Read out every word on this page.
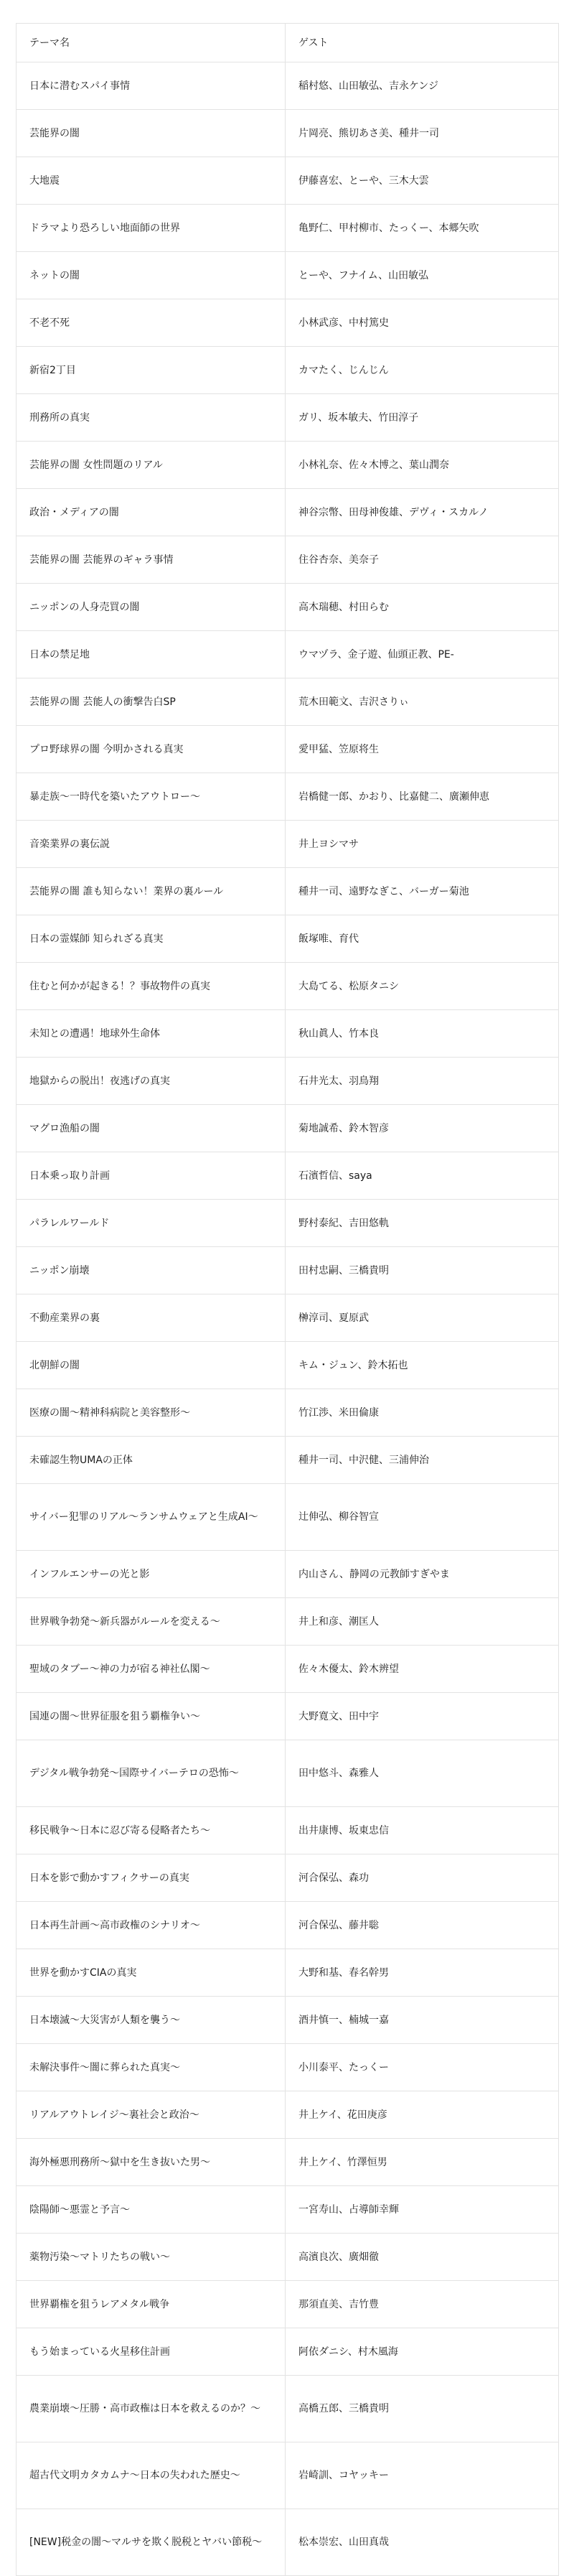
テーマ名	ゲスト
日本に潜むスパイ事情	稲村悠、山田敏弘、吉永ケンジ
芸能界の闇	片岡亮、熊切あさ美、種井一司
大地震	伊藤喜宏、とーや、三木大雲
ドラマより恐ろしい地面師の世界	亀野仁、甲村柳市、たっくー、本郷矢吹
ネットの闇	とーや、フナイム、山田敏弘
不老不死	小林武彦、中村篤史
新宿2丁目	カマたく、じんじん
刑務所の真実	ガリ、坂本敏夫、竹田淳子
芸能界の闇 女性問題のリアル	小林礼奈、佐々木博之、葉山潤奈
政治・メディアの闇	神谷宗幣、田母神俊雄、デヴィ・スカルノ
芸能界の闇 芸能界のギャラ事情	住谷杏奈、美奈子
ニッポンの人身売買の闇	高木瑞穂、村田らむ
日本の禁足地	ウマヅラ、金子遊、仙頭正教、PE-
芸能界の闇 芸能人の衝撃告白SP	荒木田範文、吉沢さりぃ
プロ野球界の闇 今明かされる真実	愛甲猛、笠原将生
暴走族～一時代を築いたアウトロー～	岩橋健一郎、かおり、比嘉健二、廣瀬伸恵
音楽業界の裏伝説	井上ヨシマサ
芸能界の闇 誰も知らない！業界の裏ルール	種井一司、遠野なぎこ、バーガー菊池
日本の霊媒師 知られざる真実	飯塚唯、育代
住むと何かが起きる！？事故物件の真実	大島てる、松原タニシ
未知との遭遇！地球外生命体	秋山眞人、竹本良
地獄からの脱出！夜逃げの真実	石井光太、羽鳥翔
マグロ漁船の闇	菊地誠希、鈴木智彦
日本乗っ取り計画	石濱哲信、saya
パラレルワールド	野村泰紀、吉田悠軌
ニッポン崩壊	田村忠嗣、三橋貴明
不動産業界の裏	榊淳司、夏原武
北朝鮮の闇	キム・ジュン、鈴木拓也
医療の闇～精神科病院と美容整形～	竹江渉、米田倫康
未確認生物UMAの正体	種井一司、中沢健、三浦伸治
サイバー犯罪のリアル～ランサムウェアと生成AI～	辻伸弘、柳谷智宣
インフルエンサーの光と影	内山さん、静岡の元教師すぎやま
世界戦争勃発～新兵器がルールを変える～	井上和彦、潮匡人
聖域のタブー～神の力が宿る神社仏閣～	佐々木優太、鈴木辨望
国連の闇～世界征服を狙う覇権争い～	大野寛文、田中宇
デジタル戦争勃発～国際サイバーテロの恐怖～	田中悠斗、森雅人
移民戦争～日本に忍び寄る侵略者たち～	出井康博、坂東忠信
日本を影で動かすフィクサーの真実	河合保弘、森功
日本再生計画～高市政権のシナリオ～	河合保弘、藤井聡
世界を動かすCIAの真実	大野和基、春名幹男
日本壊滅～大災害が人類を襲う～	酒井慎一、楠城一嘉
未解決事件～闇に葬られた真実～	小川泰平、たっくー
リアルアウトレイジ～裏社会と政治～	井上ケイ、花田庚彦
海外極悪刑務所～獄中を生き抜いた男～	井上ケイ、竹澤恒男
陰陽師～悪霊と予言～	一宮寿山、占導師幸輝
薬物汚染～マトリたちの戦い～	高濱良次、廣畑徹
世界覇権を狙うレアメタル戦争	那須直美、吉竹豊
もう始まっている火星移住計画	阿依ダニシ、村木風海
農業崩壊～圧勝・高市政権は日本を救えるのか？～	高橋五郎、三橋貴明
超古代文明カタカムナ～日本の失われた歴史～	岩崎訓、コヤッキー
[NEW]税金の闇～マルサを欺く脱税とヤバい節税～	松本崇宏、山田真哉
